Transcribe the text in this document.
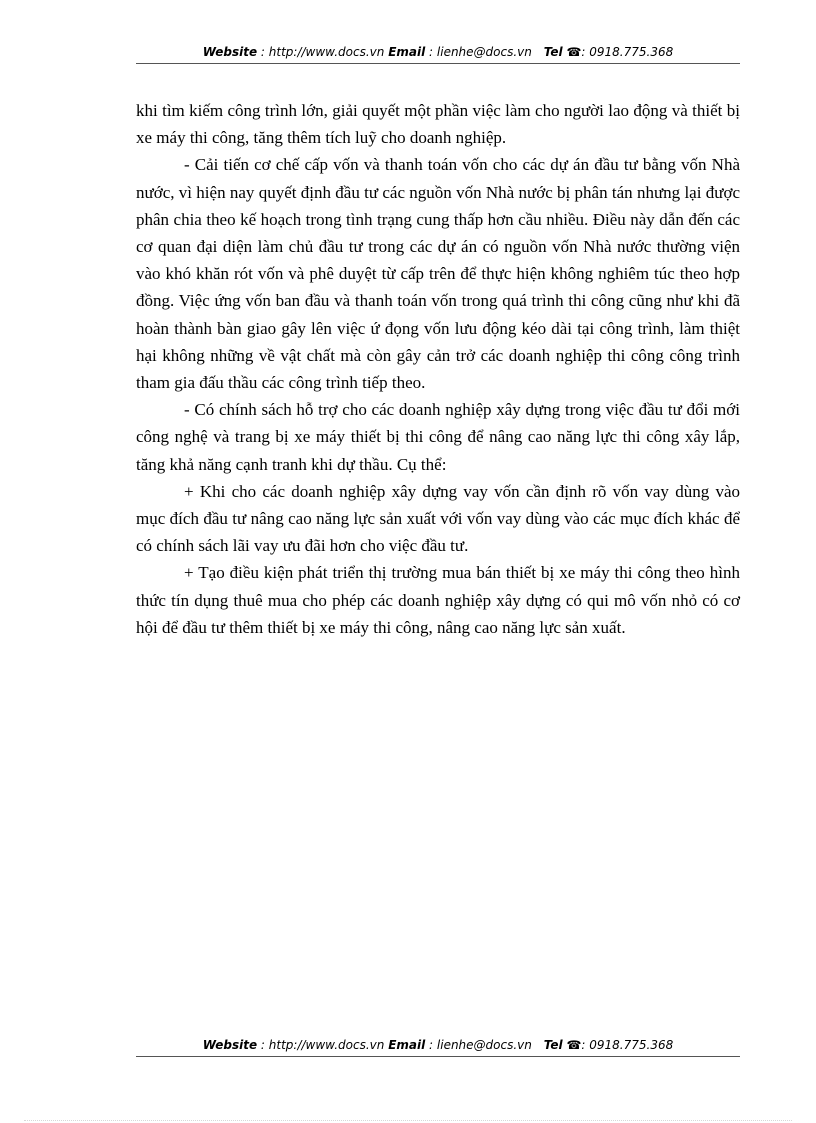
Website : http://www.docs.vn Email : lienhe@docs.vn Tel ☎: 0918.775.368

khi tìm kiếm công trình lớn, giải quyết một phần việc làm cho người lao động và thiết bị xe máy thi công, tăng thêm tích luỹ cho doanh nghiệp.

- Cải tiến cơ chế cấp vốn và thanh toán vốn cho các dự án đầu tư bằng vốn Nhà nước, vì hiện nay quyết định đầu tư các nguồn vốn Nhà nước bị phân tán nhưng lại được phân chia theo kế hoạch trong tình trạng cung thấp hơn cầu nhiều. Điều này dẫn đến các cơ quan đại diện làm chủ đầu tư trong các dự án có nguồn vốn Nhà nước thường viện vào khó khăn rót vốn và phê duyệt từ cấp trên để thực hiện không nghiêm túc theo hợp đồng. Việc ứng vốn ban đầu và thanh toán vốn trong quá trình thi công cũng như khi đã hoàn thành bàn giao gây lên việc ứ đọng vốn lưu động kéo dài tại công trình, làm thiệt hại không những về vật chất mà còn gây cản trở các doanh nghiệp thi công công trình tham gia đấu thầu các công trình tiếp theo.

- Có chính sách hỗ trợ cho các doanh nghiệp xây dựng trong việc đầu tư đổi mới công nghệ và trang bị xe máy thiết bị thi công để nâng cao năng lực thi công xây lắp, tăng khả năng cạnh tranh khi dự thầu. Cụ thể:

+ Khi cho các doanh nghiệp xây dựng vay vốn cần định rõ vốn vay dùng vào mục đích đầu tư nâng cao năng lực sản xuất với vốn vay dùng vào các mục đích khác để có chính sách lãi vay ưu đãi hơn cho việc đầu tư.

+ Tạo điều kiện phát triển thị trường mua bán thiết bị xe máy thi công theo hình thức tín dụng thuê mua cho phép các doanh nghiệp xây dựng có qui mô vốn nhỏ có cơ hội để đầu tư thêm thiết bị xe máy thi công, nâng cao năng lực sản xuất.

Website : http://www.docs.vn Email : lienhe@docs.vn Tel ☎: 0918.775.368
